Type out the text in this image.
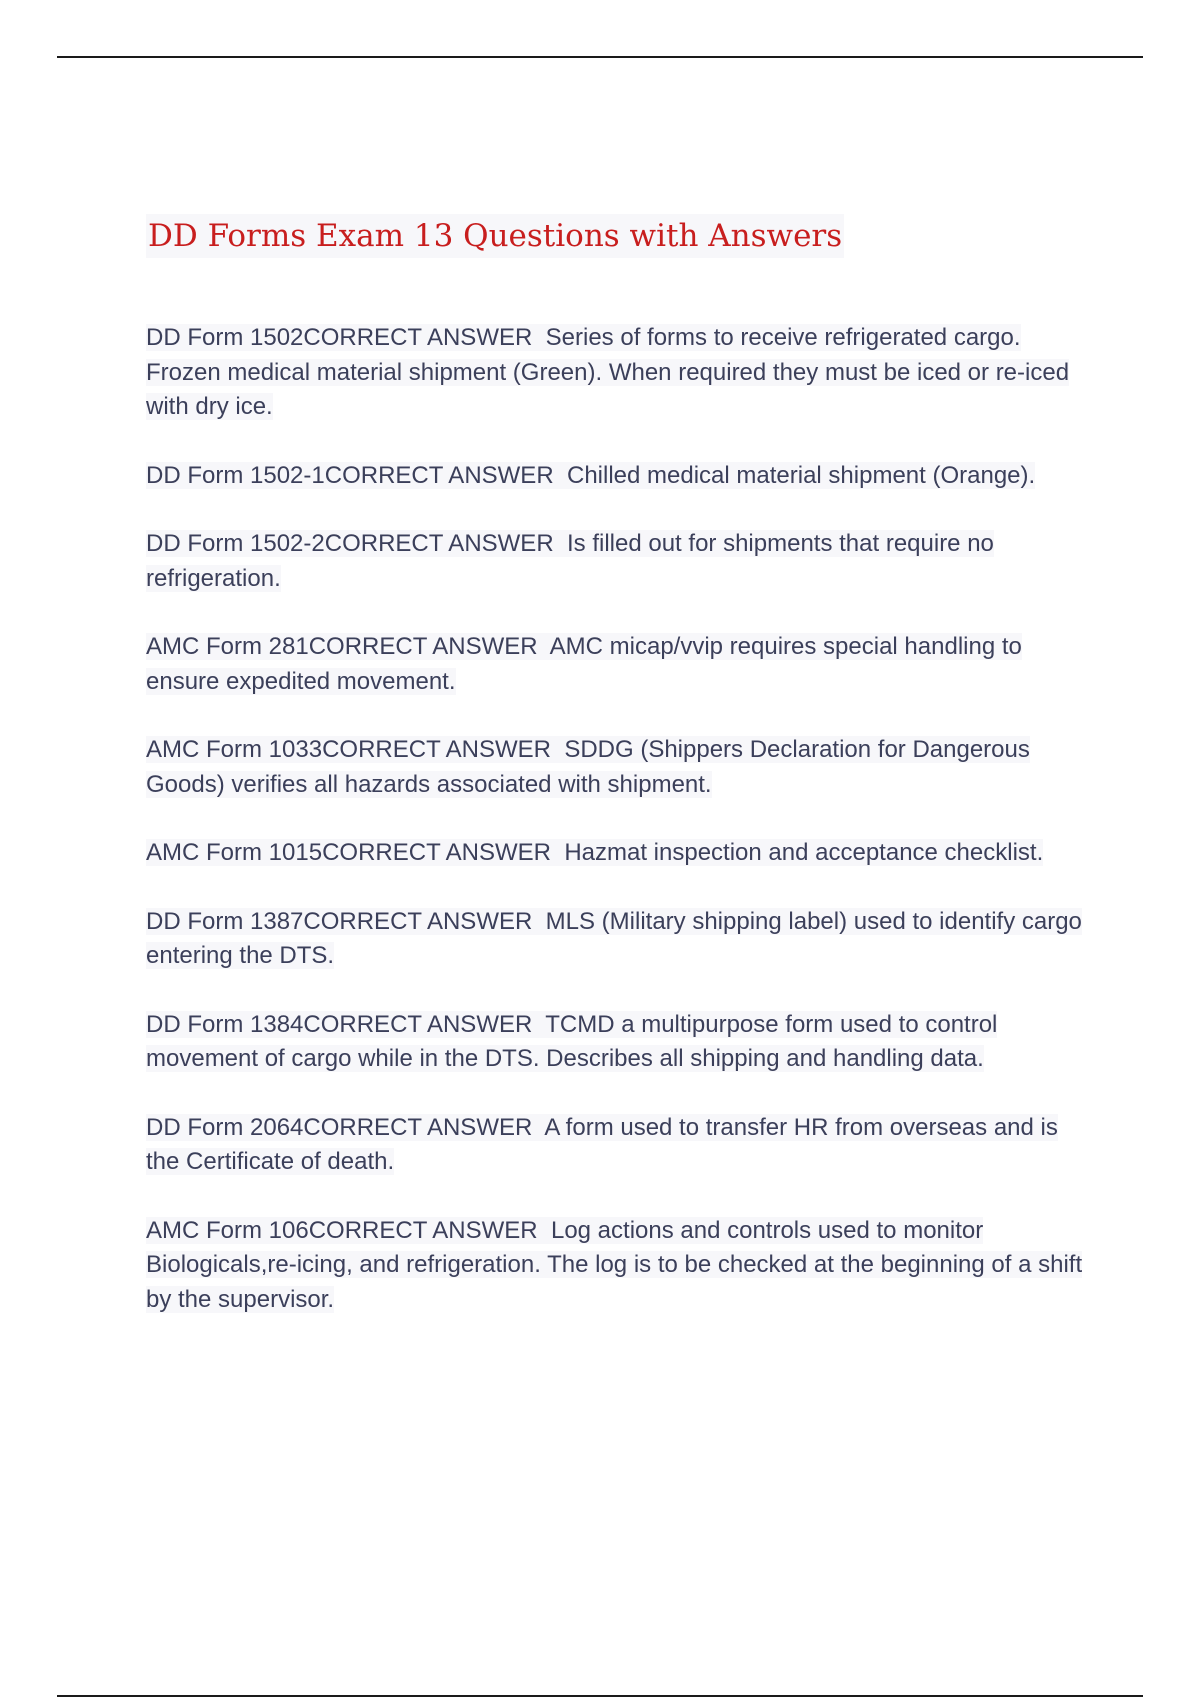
DD Forms Exam 13 Questions with Answers

DD Form 1502CORRECT ANSWER Series of forms to receive refrigerated cargo. Frozen medical material shipment (Green). When required they must be iced or re-iced with dry ice.

DD Form 1502-1CORRECT ANSWER Chilled medical material shipment (Orange).

DD Form 1502-2CORRECT ANSWER Is filled out for shipments that require no refrigeration.

AMC Form 281CORRECT ANSWER AMC micap/vvip requires special handling to ensure expedited movement.

AMC Form 1033CORRECT ANSWER SDDG (Shippers Declaration for Dangerous Goods) verifies all hazards associated with shipment.

AMC Form 1015CORRECT ANSWER Hazmat inspection and acceptance checklist.

DD Form 1387CORRECT ANSWER MLS (Military shipping label) used to identify cargo entering the DTS.

DD Form 1384CORRECT ANSWER TCMD a multipurpose form used to control movement of cargo while in the DTS. Describes all shipping and handling data.

DD Form 2064CORRECT ANSWER A form used to transfer HR from overseas and is the Certificate of death.

AMC Form 106CORRECT ANSWER Log actions and controls used to monitor Biologicals,re-icing, and refrigeration. The log is to be checked at the beginning of a shift by the supervisor.
